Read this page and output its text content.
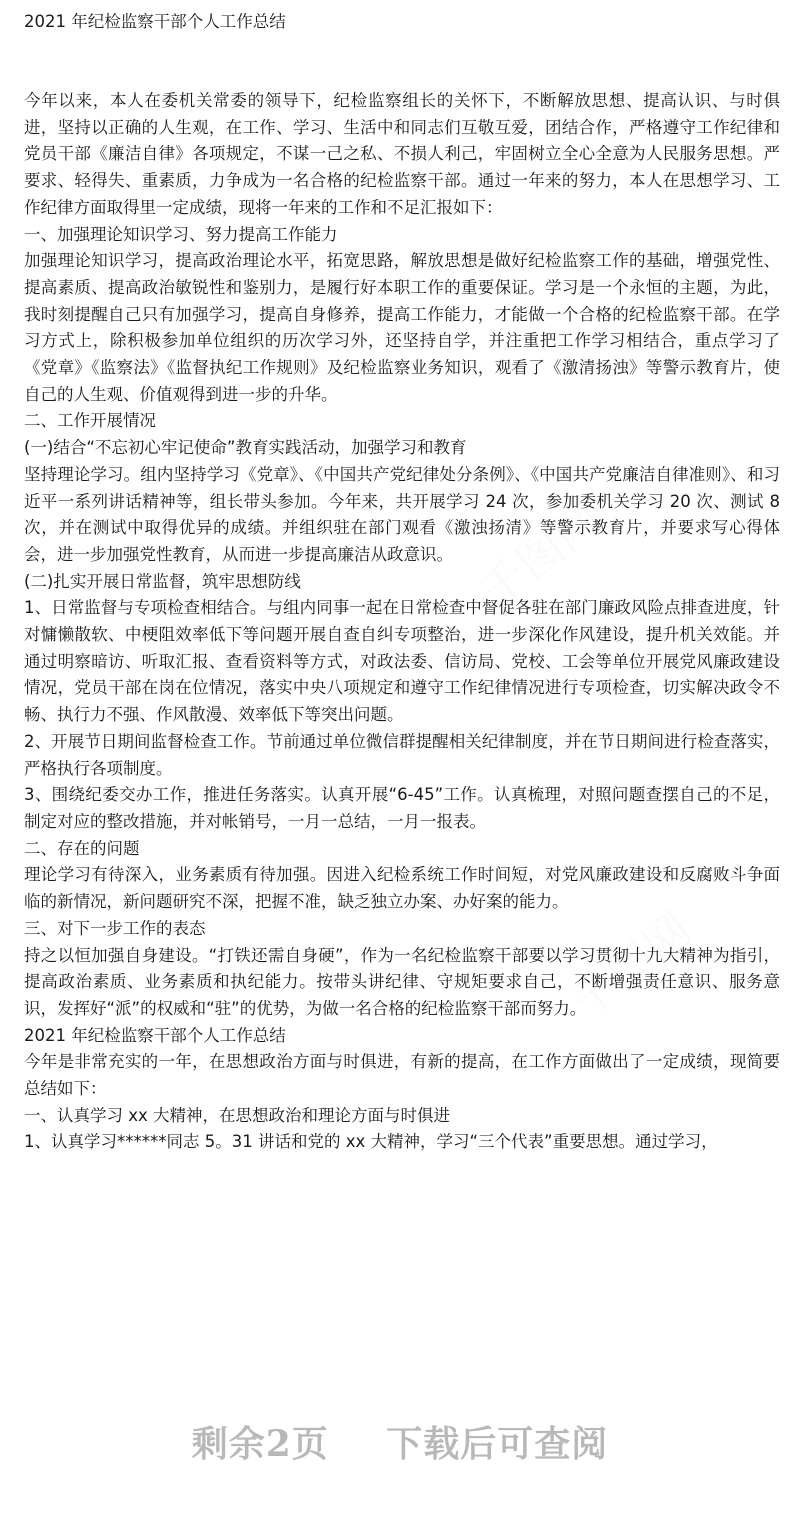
千图网
千图网
2021 年纪检监察干部个人工作总结

今年以来，本人在委机关常委的领导下，纪检监察组长的关怀下，不断解放思想、提高认识、与时俱进，坚持以正确的人生观，在工作、学习、生活中和同志们互敬互爱，团结合作，严格遵守工作纪律和党员干部《廉洁自律》各项规定，不谋一己之私、不损人利己，牢固树立全心全意为人民服务思想。严要求、轻得失、重素质，力争成为一名合格的纪检监察干部。通过一年来的努力，本人在思想学习、工作纪律方面取得里一定成绩，现将一年来的工作和不足汇报如下：

一、加强理论知识学习、努力提高工作能力

加强理论知识学习，提高政治理论水平，拓宽思路，解放思想是做好纪检监察工作的基础，增强党性、提高素质、提高政治敏锐性和鉴别力，是履行好本职工作的重要保证。学习是一个永恒的主题，为此，我时刻提醒自己只有加强学习，提高自身修养，提高工作能力，才能做一个合格的纪检监察干部。在学习方式上，除积极参加单位组织的历次学习外，还坚持自学，并注重把工作学习相结合，重点学习了《党章》《监察法》《监督执纪工作规则》及纪检监察业务知识，观看了《激清扬浊》等警示教育片，使自己的人生观、价值观得到进一步的升华。

二、工作开展情况

(一)结合“不忘初心牢记使命”教育实践活动，加强学习和教育

坚持理论学习。组内坚持学习《党章》、《中国共产党纪律处分条例》、《中国共产党廉洁自律准则》、和习近平一系列讲话精神等，组长带头参加。今年来，共开展学习 24 次，参加委机关学习 20 次、测试 8 次，并在测试中取得优异的成绩。并组织驻在部门观看《激浊扬清》等警示教育片，并要求写心得体会，进一步加强党性教育，从而进一步提高廉洁从政意识。

(二)扎实开展日常监督，筑牢思想防线

1、日常监督与专项检查相结合。与组内同事一起在日常检查中督促各驻在部门廉政风险点排查进度，针对慵懒散软、中梗阻效率低下等问题开展自查自纠专项整治，进一步深化作风建设，提升机关效能。并通过明察暗访、听取汇报、查看资料等方式，对政法委、信访局、党校、工会等单位开展党风廉政建设情况，党员干部在岗在位情况，落实中央八项规定和遵守工作纪律情况进行专项检查，切实解决政令不畅、执行力不强、作风散漫、效率低下等突出问题。

2、开展节日期间监督检查工作。节前通过单位微信群提醒相关纪律制度，并在节日期间进行检查落实，严格执行各项制度。

3、围绕纪委交办工作，推进任务落实。认真开展“6-45”工作。认真梳理，对照问题查摆自己的不足，制定对应的整改措施，并对帐销号，一月一总结，一月一报表。

二、存在的问题

理论学习有待深入，业务素质有待加强。因进入纪检系统工作时间短，对党风廉政建设和反腐败斗争面临的新情况，新问题研究不深，把握不准，缺乏独立办案、办好案的能力。

三、对下一步工作的表态

持之以恒加强自身建设。“打铁还需自身硬”，作为一名纪检监察干部要以学习贯彻十九大精神为指引，提高政治素质、业务素质和执纪能力。按带头讲纪律、守规矩要求自己，不断增强责任意识、服务意识，发挥好“派”的权威和“驻”的优势，为做一名合格的纪检监察干部而努力。

2021 年纪检监察干部个人工作总结

今年是非常充实的一年，在思想政治方面与时俱进，有新的提高，在工作方面做出了一定成绩，现简要总结如下：

一、认真学习 xx 大精神，在思想政治和理论方面与时俱进

1、认真学习******同志 5。31 讲话和党的 xx 大精神，学习“三个代表”重要思想。通过学习，

剩余2页 下载后可查阅
